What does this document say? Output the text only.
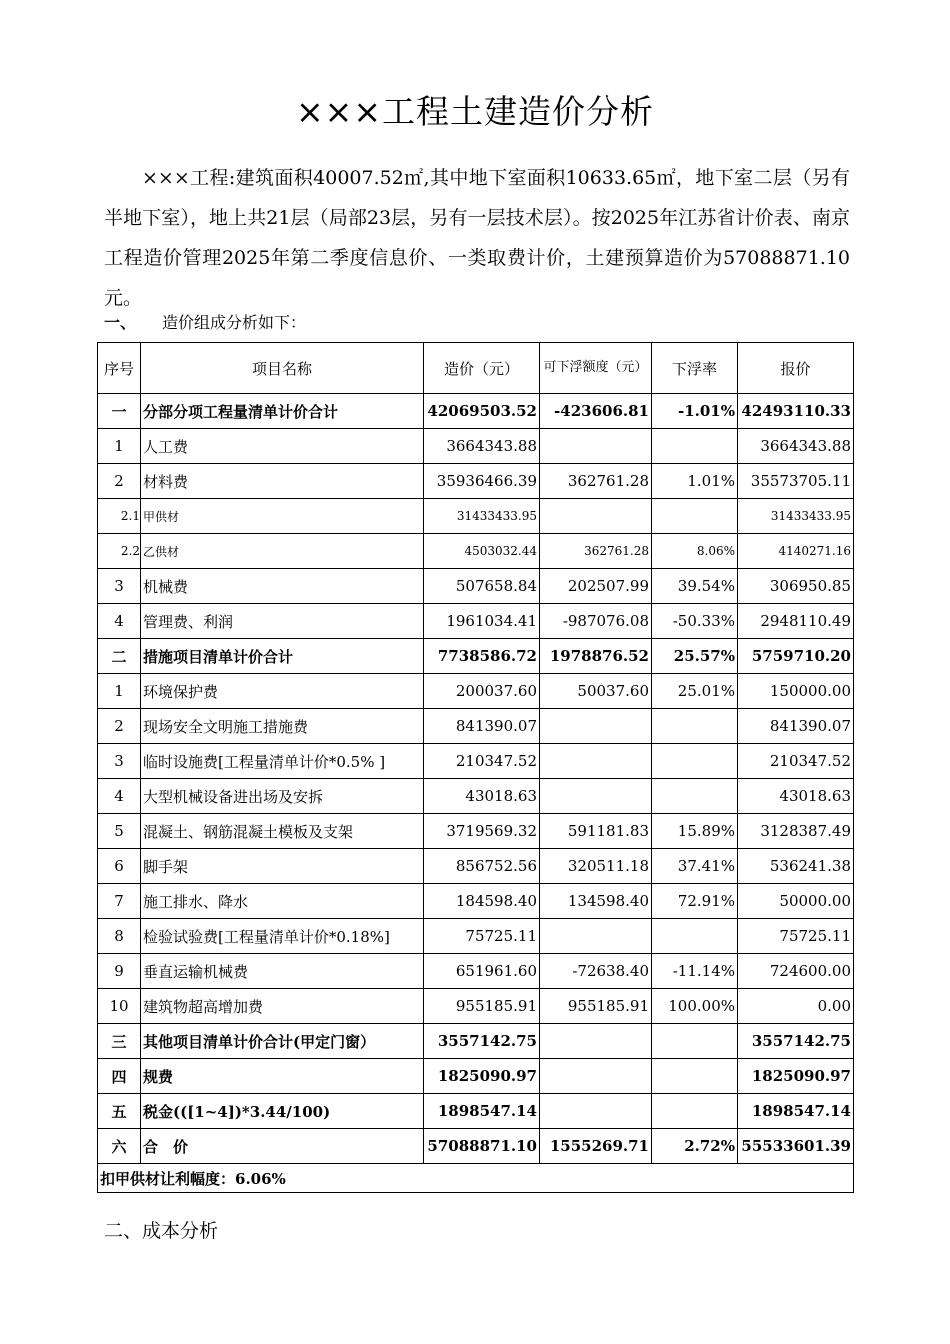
×××工程土建造价分析

×××工程:建筑面积40007.52㎡,其中地下室面积10633.65㎡，地下室二层（另有半地下室），地上共21层（局部23层，另有一层技术层）。按2025年江苏省计价表、南京工程造价管理2025年第二季度信息价、一类取费计价，土建预算造价为57088871.10元。

一、 造价组成分析如下：
序号	项目名称	造价（元）	可下浮额度（元）	下浮率	报价
一	分部分项工程量清单计价合计	42069503.52	-423606.81	-1.01%	42493110.33
1	人工费	3664343.88			3664343.88
2	材料费	35936466.39	362761.28	1.01%	35573705.11
2.1	甲供材	31433433.95			31433433.95
2.2	乙供材	4503032.44	362761.28	8.06%	4140271.16
3	机械费	507658.84	202507.99	39.54%	306950.85
4	管理费、利润	1961034.41	-987076.08	-50.33%	2948110.49
二	措施项目清单计价合计	7738586.72	1978876.52	25.57%	5759710.20
1	环境保护费	200037.60	50037.60	25.01%	150000.00
2	现场安全文明施工措施费	841390.07			841390.07
3	临时设施费[工程量清单计价*0.5% ]	210347.52			210347.52
4	大型机械设备进出场及安拆	43018.63			43018.63
5	混凝土、钢筋混凝土模板及支架	3719569.32	591181.83	15.89%	3128387.49
6	脚手架	856752.56	320511.18	37.41%	536241.38
7	施工排水、降水	184598.40	134598.40	72.91%	50000.00
8	检验试验费[工程量清单计价*0.18%]	75725.11			75725.11
9	垂直运输机械费	651961.60	-72638.40	-11.14%	724600.00
10	建筑物超高增加费	955185.91	955185.91	100.00%	0.00
三	其他项目清单计价合计(甲定门窗）	3557142.75			3557142.75
四	规费	1825090.97			1825090.97
五	税金(([1~4])*3.44/100)	1898547.14			1898547.14
六	合　价	57088871.10	1555269.71	2.72%	55533601.39
扣甲供材让利幅度：6.06%					
二、成本分析
